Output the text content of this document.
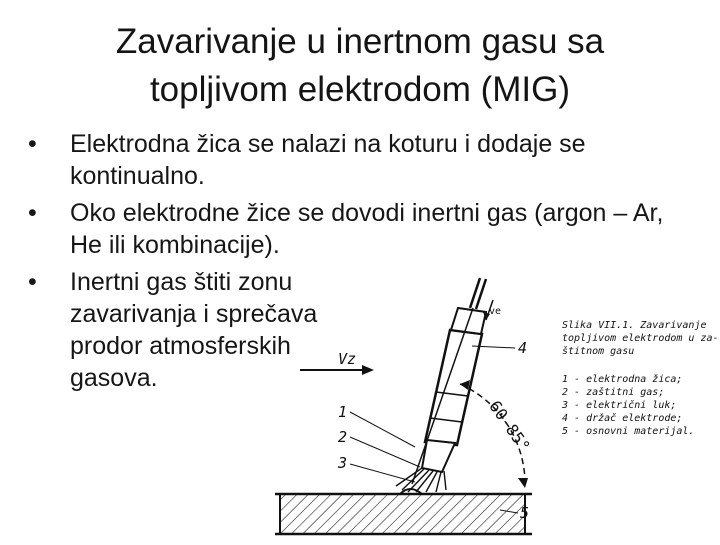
Zavarivanje u inertnom gasu sa
topljivom elektrodom (MIG)
• Elektrodna žica se nalazi na koturu i dodaje se kontinualno.
• Oko elektrodne žice se dovodi inertni gas (argon – Ar, He ili kombinacije).
• Inertni gas štiti zonu zavarivanja i sprečava prodor atmosferskih gasova.
ve
Vz
60-85°
1
2
3
4
5
Slika VII.1. Zavarivanje topljivom elektrodom u za- štitnom gasu
1 - elektrodna žica;
2 - zaštitni gas;
3 - električni luk;
4 - držač elektrode;
5 - osnovni materijal.
